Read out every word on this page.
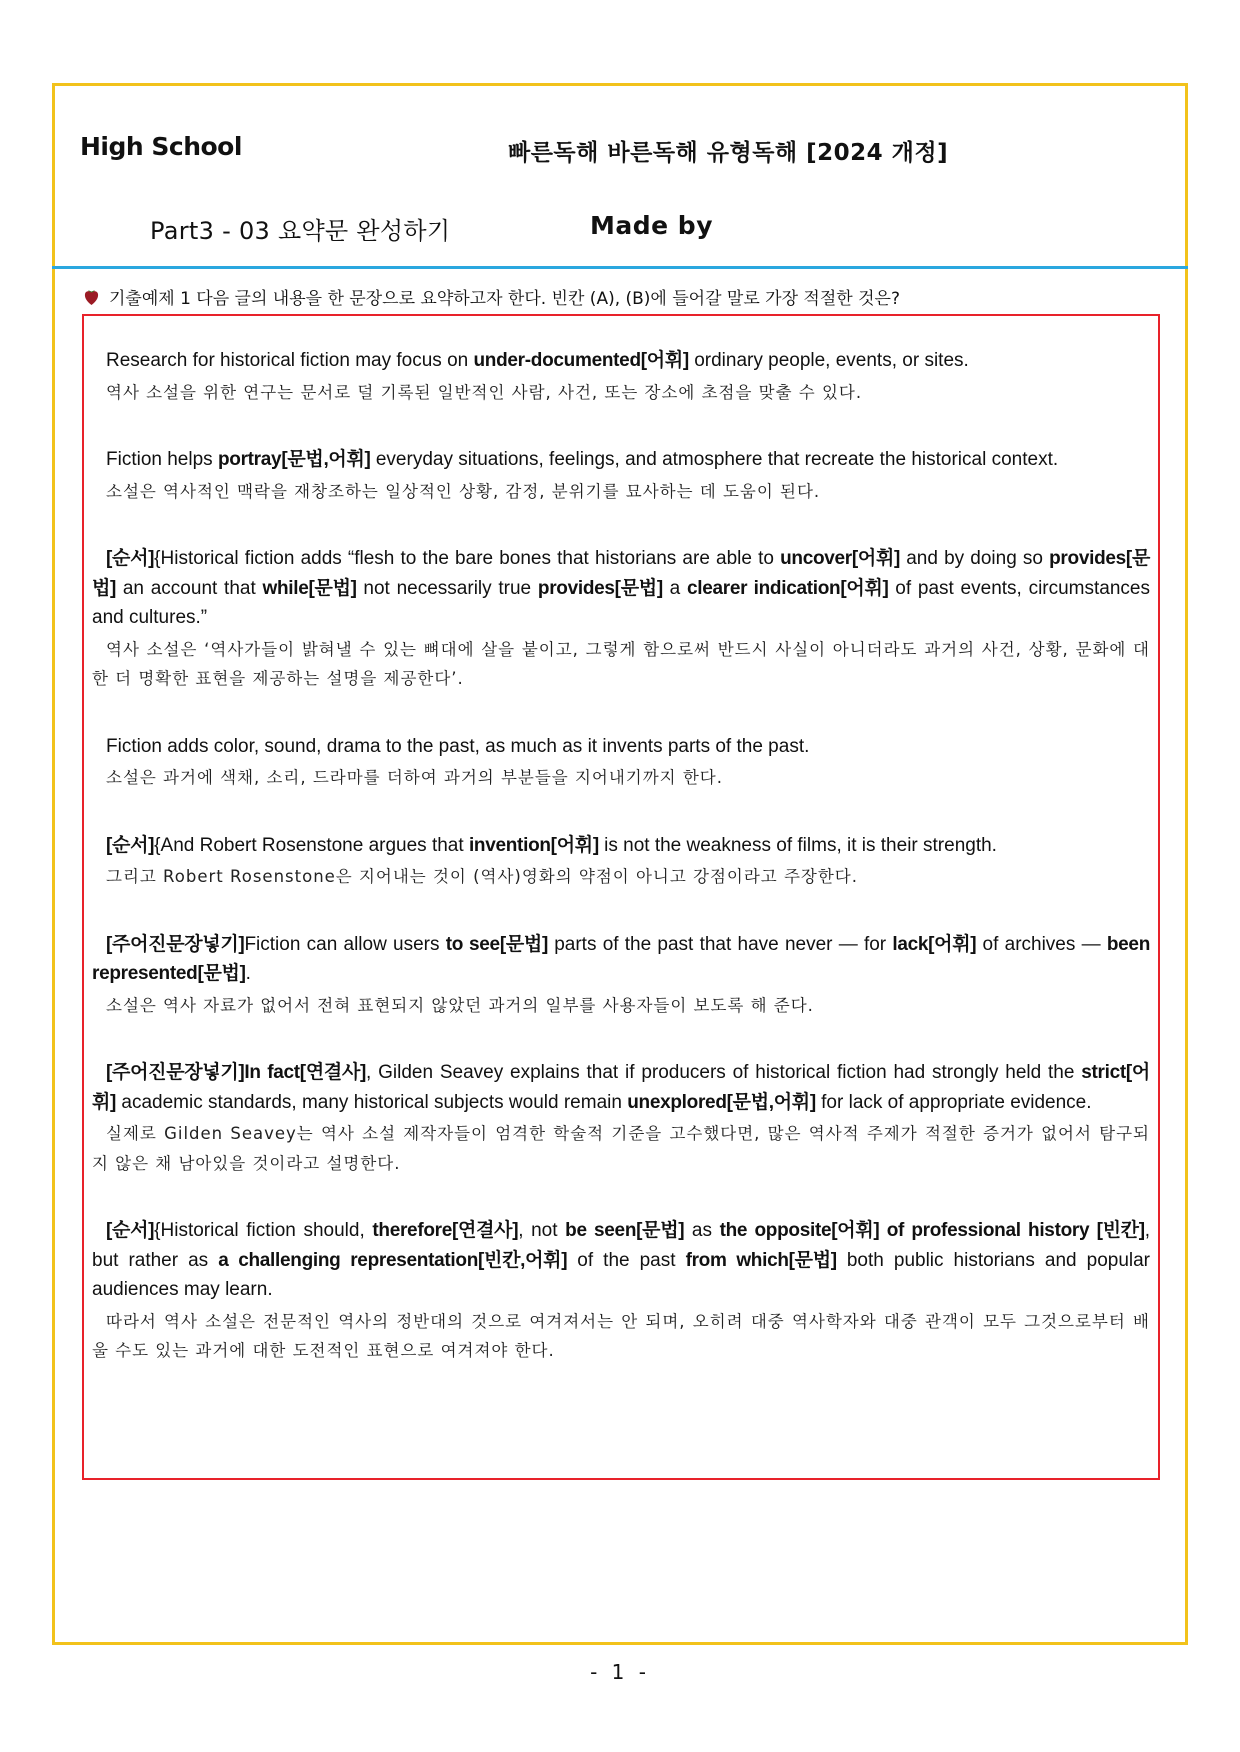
High School	빠른독해 바른독해 유형독해 [2024 개정]
Part3 - 03 요약문 완성하기	Made by
기출예제 1 다음 글의 내용을 한 문장으로 요약하고자 한다. 빈칸 (A), (B)에 들어갈 말로 가장 적절한 것은?

Research for historical fiction may focus on under-documented[어휘] ordinary people, events, or sites.

역사 소설을 위한 연구는 문서로 덜 기록된 일반적인 사람, 사건, 또는 장소에 초점을 맞출 수 있다.

Fiction helps portray[문법,어휘] everyday situations, feelings, and atmosphere that recreate the historical context.

소설은 역사적인 맥락을 재창조하는 일상적인 상황, 감정, 분위기를 묘사하는 데 도움이 된다.

[순서]{Historical fiction adds “flesh to the bare bones that historians are able to uncover[어휘] and by doing so provides[문법] an account that while[문법] not necessarily true provides[문법] a clearer indication[어휘] of past events, circumstances and cultures.”

역사 소설은 ‘역사가들이 밝혀낼 수 있는 뼈대에 살을 붙이고, 그렇게 함으로써 반드시 사실이 아니더라도 과거의 사건, 상황, 문화에 대한 더 명확한 표현을 제공하는 설명을 제공한다’.

Fiction adds color, sound, drama to the past, as much as it invents parts of the past.

소설은 과거에 색채, 소리, 드라마를 더하여 과거의 부분들을 지어내기까지 한다.

[순서]{And Robert Rosenstone argues that invention[어휘] is not the weakness of films, it is their strength.

그리고 Robert Rosenstone은 지어내는 것이 (역사)영화의 약점이 아니고 강점이라고 주장한다.

[주어진문장넣기]Fiction can allow users to see[문법] parts of the past that have never ― for lack[어휘] of archives ― been represented[문법].

소설은 역사 자료가 없어서 전혀 표현되지 않았던 과거의 일부를 사용자들이 보도록 해 준다.

[주어진문장넣기]In fact[연결사], Gilden Seavey explains that if producers of historical fiction had strongly held the strict[어휘] academic standards, many historical subjects would remain unexplored[문법,어휘] for lack of appropriate evidence.

실제로 Gilden Seavey는 역사 소설 제작자들이 엄격한 학술적 기준을 고수했다면, 많은 역사적 주제가 적절한 증거가 없어서 탐구되지 않은 채 남아있을 것이라고 설명한다.

[순서]{Historical fiction should, therefore[연결사], not be seen[문법] as the opposite[어휘] of professional history [빈칸], but rather as a challenging representation[빈칸,어휘] of the past from which[문법] both public historians and popular audiences may learn.

따라서 역사 소설은 전문적인 역사의 정반대의 것으로 여겨져서는 안 되며, 오히려 대중 역사학자와 대중 관객이 모두 그것으로부터 배울 수도 있는 과거에 대한 도전적인 표현으로 여겨져야 한다.

- 1 -
